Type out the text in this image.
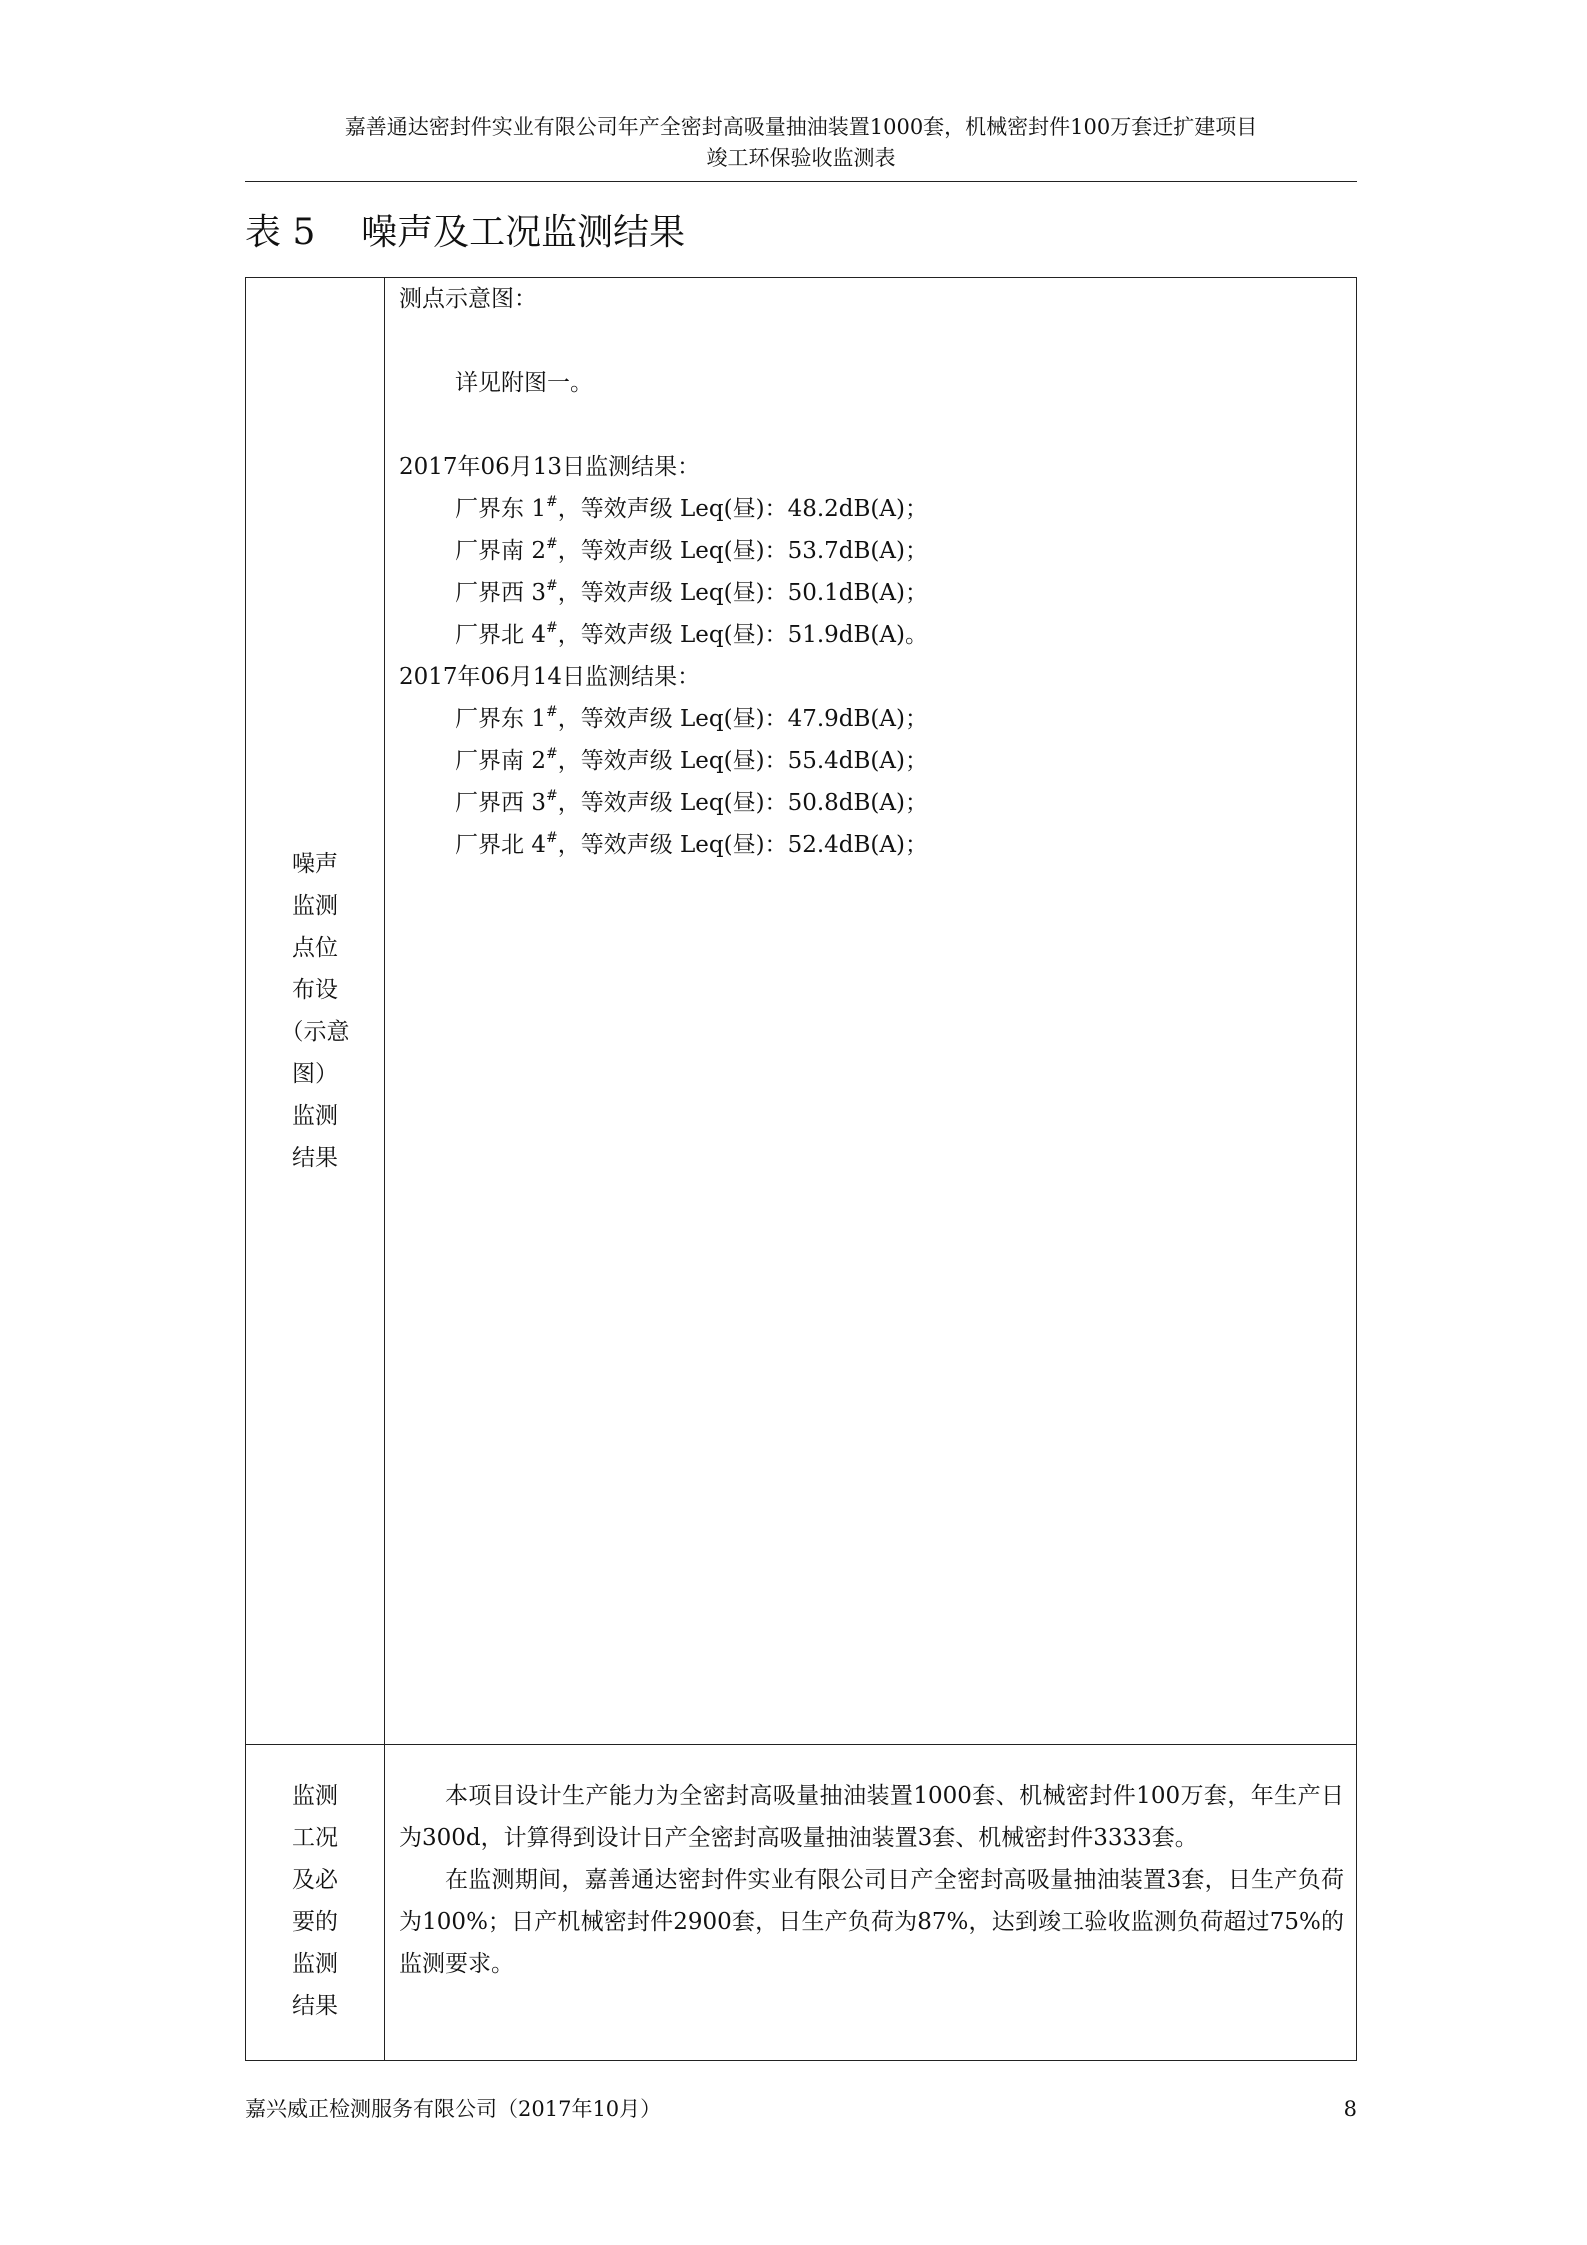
嘉善通达密封件实业有限公司年产全密封高吸量抽油装置1000套，机械密封件100万套迁扩建项目
竣工环保验收监测表
表 5    噪声及工况监测结果
噪声
监测
点位
布设
（示意
图）
监测
结果
测点示意图：
详见附图一。
2017年06月13日监测结果：
厂界东 1#，等效声级 Leq(昼)：48.2dB(A)；
厂界南 2#，等效声级 Leq(昼)：53.7dB(A)；
厂界西 3#，等效声级 Leq(昼)：50.1dB(A)；
厂界北 4#，等效声级 Leq(昼)：51.9dB(A)。
2017年06月14日监测结果：
厂界东 1#，等效声级 Leq(昼)：47.9dB(A)；
厂界南 2#，等效声级 Leq(昼)：55.4dB(A)；
厂界西 3#，等效声级 Leq(昼)：50.8dB(A)；
厂界北 4#，等效声级 Leq(昼)：52.4dB(A)；
监测
工况
及必
要的
监测
结果

本项目设计生产能力为全密封高吸量抽油装置1000套、机械密封件100万套，年生产日为300d，计算得到设计日产全密封高吸量抽油装置3套、机械密封件3333套。

在监测期间，嘉善通达密封件实业有限公司日产全密封高吸量抽油装置3套，日生产负荷为100%；日产机械密封件2900套，日生产负荷为87%，达到竣工验收监测负荷超过75%的监测要求。

嘉兴威正检测服务有限公司（2017年10月）	8
